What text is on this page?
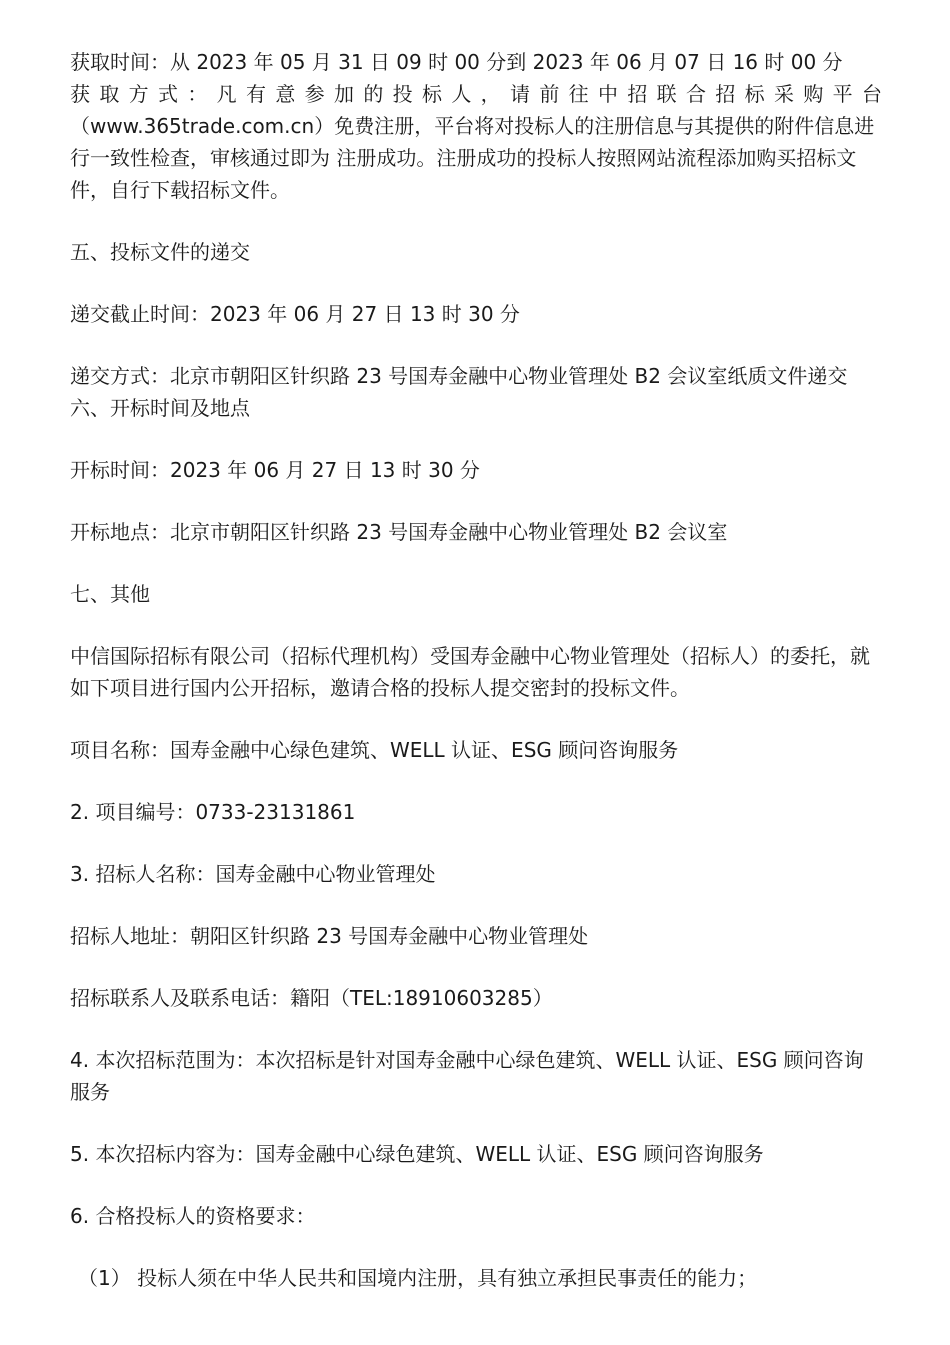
获取时间：从 2023 年 05 月 31 日 09 时 00 分到 2023 年 06 月 07 日 16 时 00 分

获 取 方 式 ： 凡 有 意 参 加 的 投 标 人 ， 请 前 往 中 招 联 合 招 标 采 购 平 台
（www.365trade.com.cn）免费注册，平台将对投标人的注册信息与其提供的附件信息进行一致性检查，审核通过即为 注册成功。注册成功的投标人按照网站流程添加购买招标文件，自行下载招标文件。

五、投标文件的递交

递交截止时间：2023 年 06 月 27 日 13 时 30 分

递交方式：北京市朝阳区针织路 23 号国寿金融中心物业管理处 B2 会议室纸质文件递交 六、开标时间及地点

开标时间：2023 年 06 月 27 日 13 时 30 分

开标地点：北京市朝阳区针织路 23 号国寿金融中心物业管理处 B2 会议室

七、其他

中信国际招标有限公司（招标代理机构）受国寿金融中心物业管理处（招标人）的委托，就如下项目进行国内公开招标，邀请合格的投标人提交密封的投标文件。

项目名称：国寿金融中心绿色建筑、WELL 认证、ESG 顾问咨询服务

2. 项目编号：0733-23131861

3. 招标人名称：国寿金融中心物业管理处

招标人地址：朝阳区针织路 23 号国寿金融中心物业管理处

招标联系人及联系电话：籍阳（TEL:18910603285）

4. 本次招标范围为：本次招标是针对国寿金融中心绿色建筑、WELL 认证、ESG 顾问咨询服务

5. 本次招标内容为：国寿金融中心绿色建筑、WELL 认证、ESG 顾问咨询服务

6. 合格投标人的资格要求：

（1） 投标人须在中华人民共和国境内注册，具有独立承担民事责任的能力；
